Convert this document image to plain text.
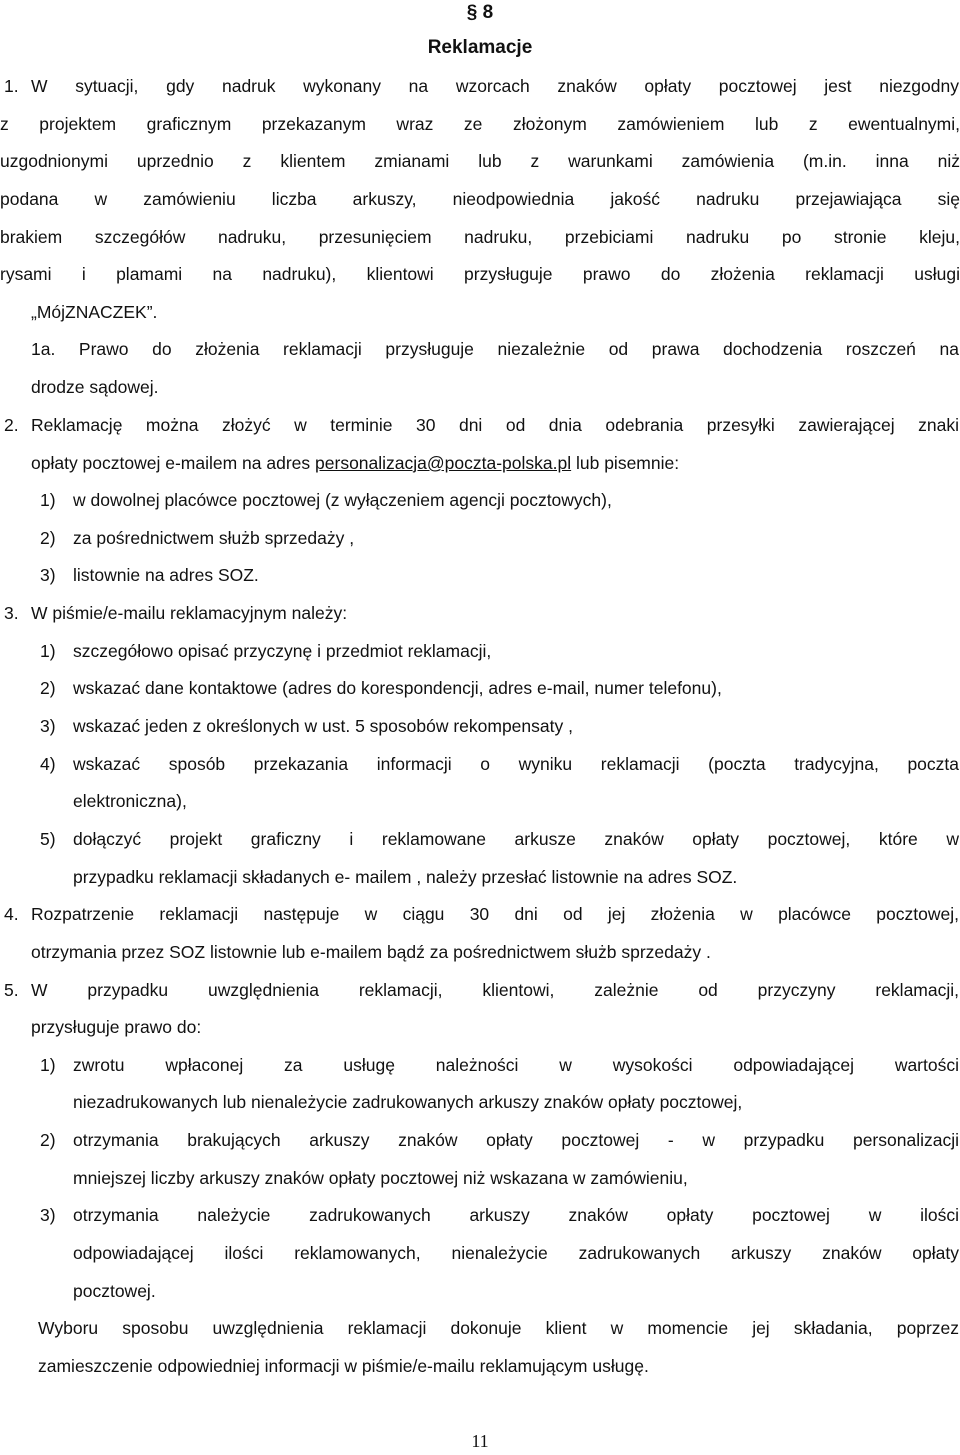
§ 8
Reklamacje
1. W sytuacji, gdy nadruk wykonany na wzorcach znaków opłaty pocztowej jest niezgodny

z projektem graficznym przekazanym wraz ze złożonym zamówieniem lub z ewentualnymi,

uzgodnionymi uprzednio z klientem zmianami lub z warunkami zamówienia (m.in. inna niż

podana w zamówieniu liczba arkuszy, nieodpowiednia jakość nadruku przejawiająca się

brakiem szczegółów nadruku, przesunięciem nadruku, przebiciami nadruku po stronie kleju,

rysami i plamami na nadruku), klientowi przysługuje prawo do złożenia reklamacji usługi

„MójZNACZEK”.

1a. Prawo do złożenia reklamacji przysługuje niezależnie od prawa dochodzenia roszczeń na

drodze sądowej.

2. Reklamację można złożyć w terminie 30 dni od dnia odebrania przesyłki zawierającej znaki

opłaty pocztowej e-mailem na adres personalizacja@poczta-polska.pl lub pisemnie:

1) w dowolnej placówce pocztowej (z wyłączeniem agencji pocztowych),

2) za pośrednictwem służb sprzedaży ,

3) listownie na adres SOZ.

3. W piśmie/e-mailu reklamacyjnym należy:

1) szczegółowo opisać przyczynę i przedmiot reklamacji,

2) wskazać dane kontaktowe (adres do korespondencji, adres e-mail, numer telefonu),

3) wskazać jeden z określonych w ust. 5 sposobów rekompensaty ,

4) wskazać sposób przekazania informacji o wyniku reklamacji (poczta tradycyjna, poczta

elektroniczna),

5) dołączyć projekt graficzny i reklamowane arkusze znaków opłaty pocztowej, które w

przypadku reklamacji składanych e- mailem , należy przesłać listownie na adres SOZ.

4. Rozpatrzenie reklamacji następuje w ciągu 30 dni od jej złożenia w placówce pocztowej,

otrzymania przez SOZ listownie lub e-mailem bądź za pośrednictwem służb sprzedaży .

5. W przypadku uwzględnienia reklamacji, klientowi, zależnie od przyczyny reklamacji,

przysługuje prawo do:

1) zwrotu wpłaconej za usługę należności w wysokości odpowiadającej wartości

niezadrukowanych lub nienależycie zadrukowanych arkuszy znaków opłaty pocztowej,

2) otrzymania brakujących arkuszy znaków opłaty pocztowej - w przypadku personalizacji

mniejszej liczby arkuszy znaków opłaty pocztowej niż wskazana w zamówieniu,

3) otrzymania należycie zadrukowanych arkuszy znaków opłaty pocztowej w ilości

odpowiadającej ilości reklamowanych, nienależycie zadrukowanych arkuszy znaków opłaty

pocztowej.

Wyboru sposobu uwzględnienia reklamacji dokonuje klient w momencie jej składania, poprzez

zamieszczenie odpowiedniej informacji w piśmie/e-mailu reklamującym usługę.

11
